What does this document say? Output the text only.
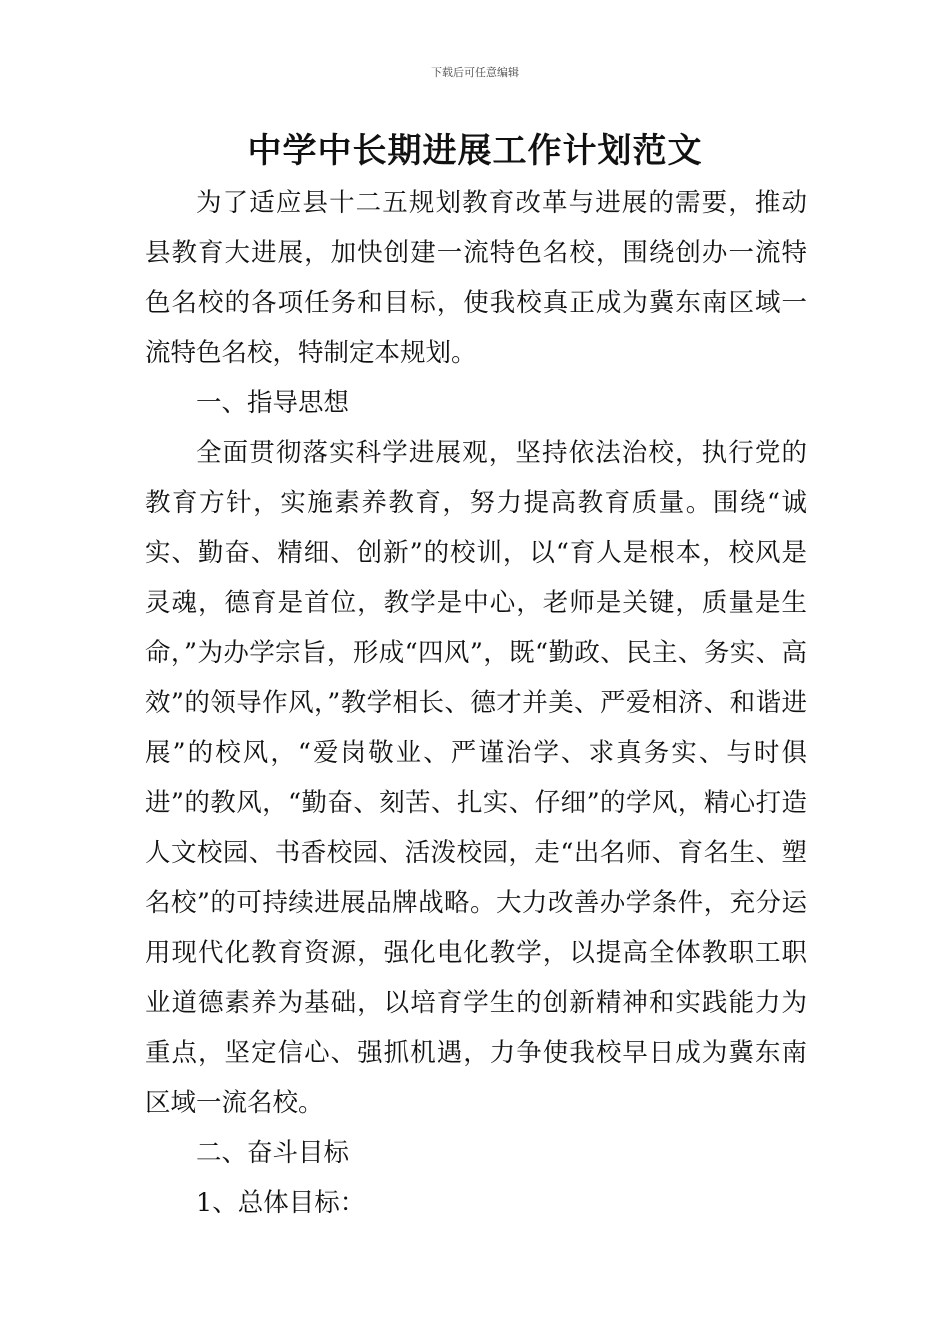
下载后可任意编辑
中学中长期进展工作计划范文

为了适应县十二五规划教育改革与进展的需要，推动县教育大进展，加快创建一流特色名校，围绕创办一流特色名校的各项任务和目标，使我校真正成为冀东南区域一流特色名校，特制定本规划。

一、指导思想

全面贯彻落实科学进展观，坚持依法治校，执行党的教育方针，实施素养教育，努力提高教育质量。围绕“诚实、勤奋、精细、创新”的校训，以“育人是根本，校风是灵魂，德育是首位，教学是中心，老师是关键，质量是生命，”为办学宗旨，形成“四风”，既“勤政、民主、务实、高效”的领导作风，”教学相长、德才并美、严爱相济、和谐进展”的校风，“爱岗敬业、严谨治学、求真务实、与时俱进”的教风，“勤奋、刻苦、扎实、仔细”的学风，精心打造人文校园、书香校园、活泼校园，走“出名师、育名生、塑名校”的可持续进展品牌战略。大力改善办学条件，充分运用现代化教育资源，强化电化教学，以提高全体教职工职业道德素养为基础，以培育学生的创新精神和实践能力为重点，坚定信心、强抓机遇，力争使我校早日成为冀东南区域一流名校。

二、奋斗目标

1、总体目标：
